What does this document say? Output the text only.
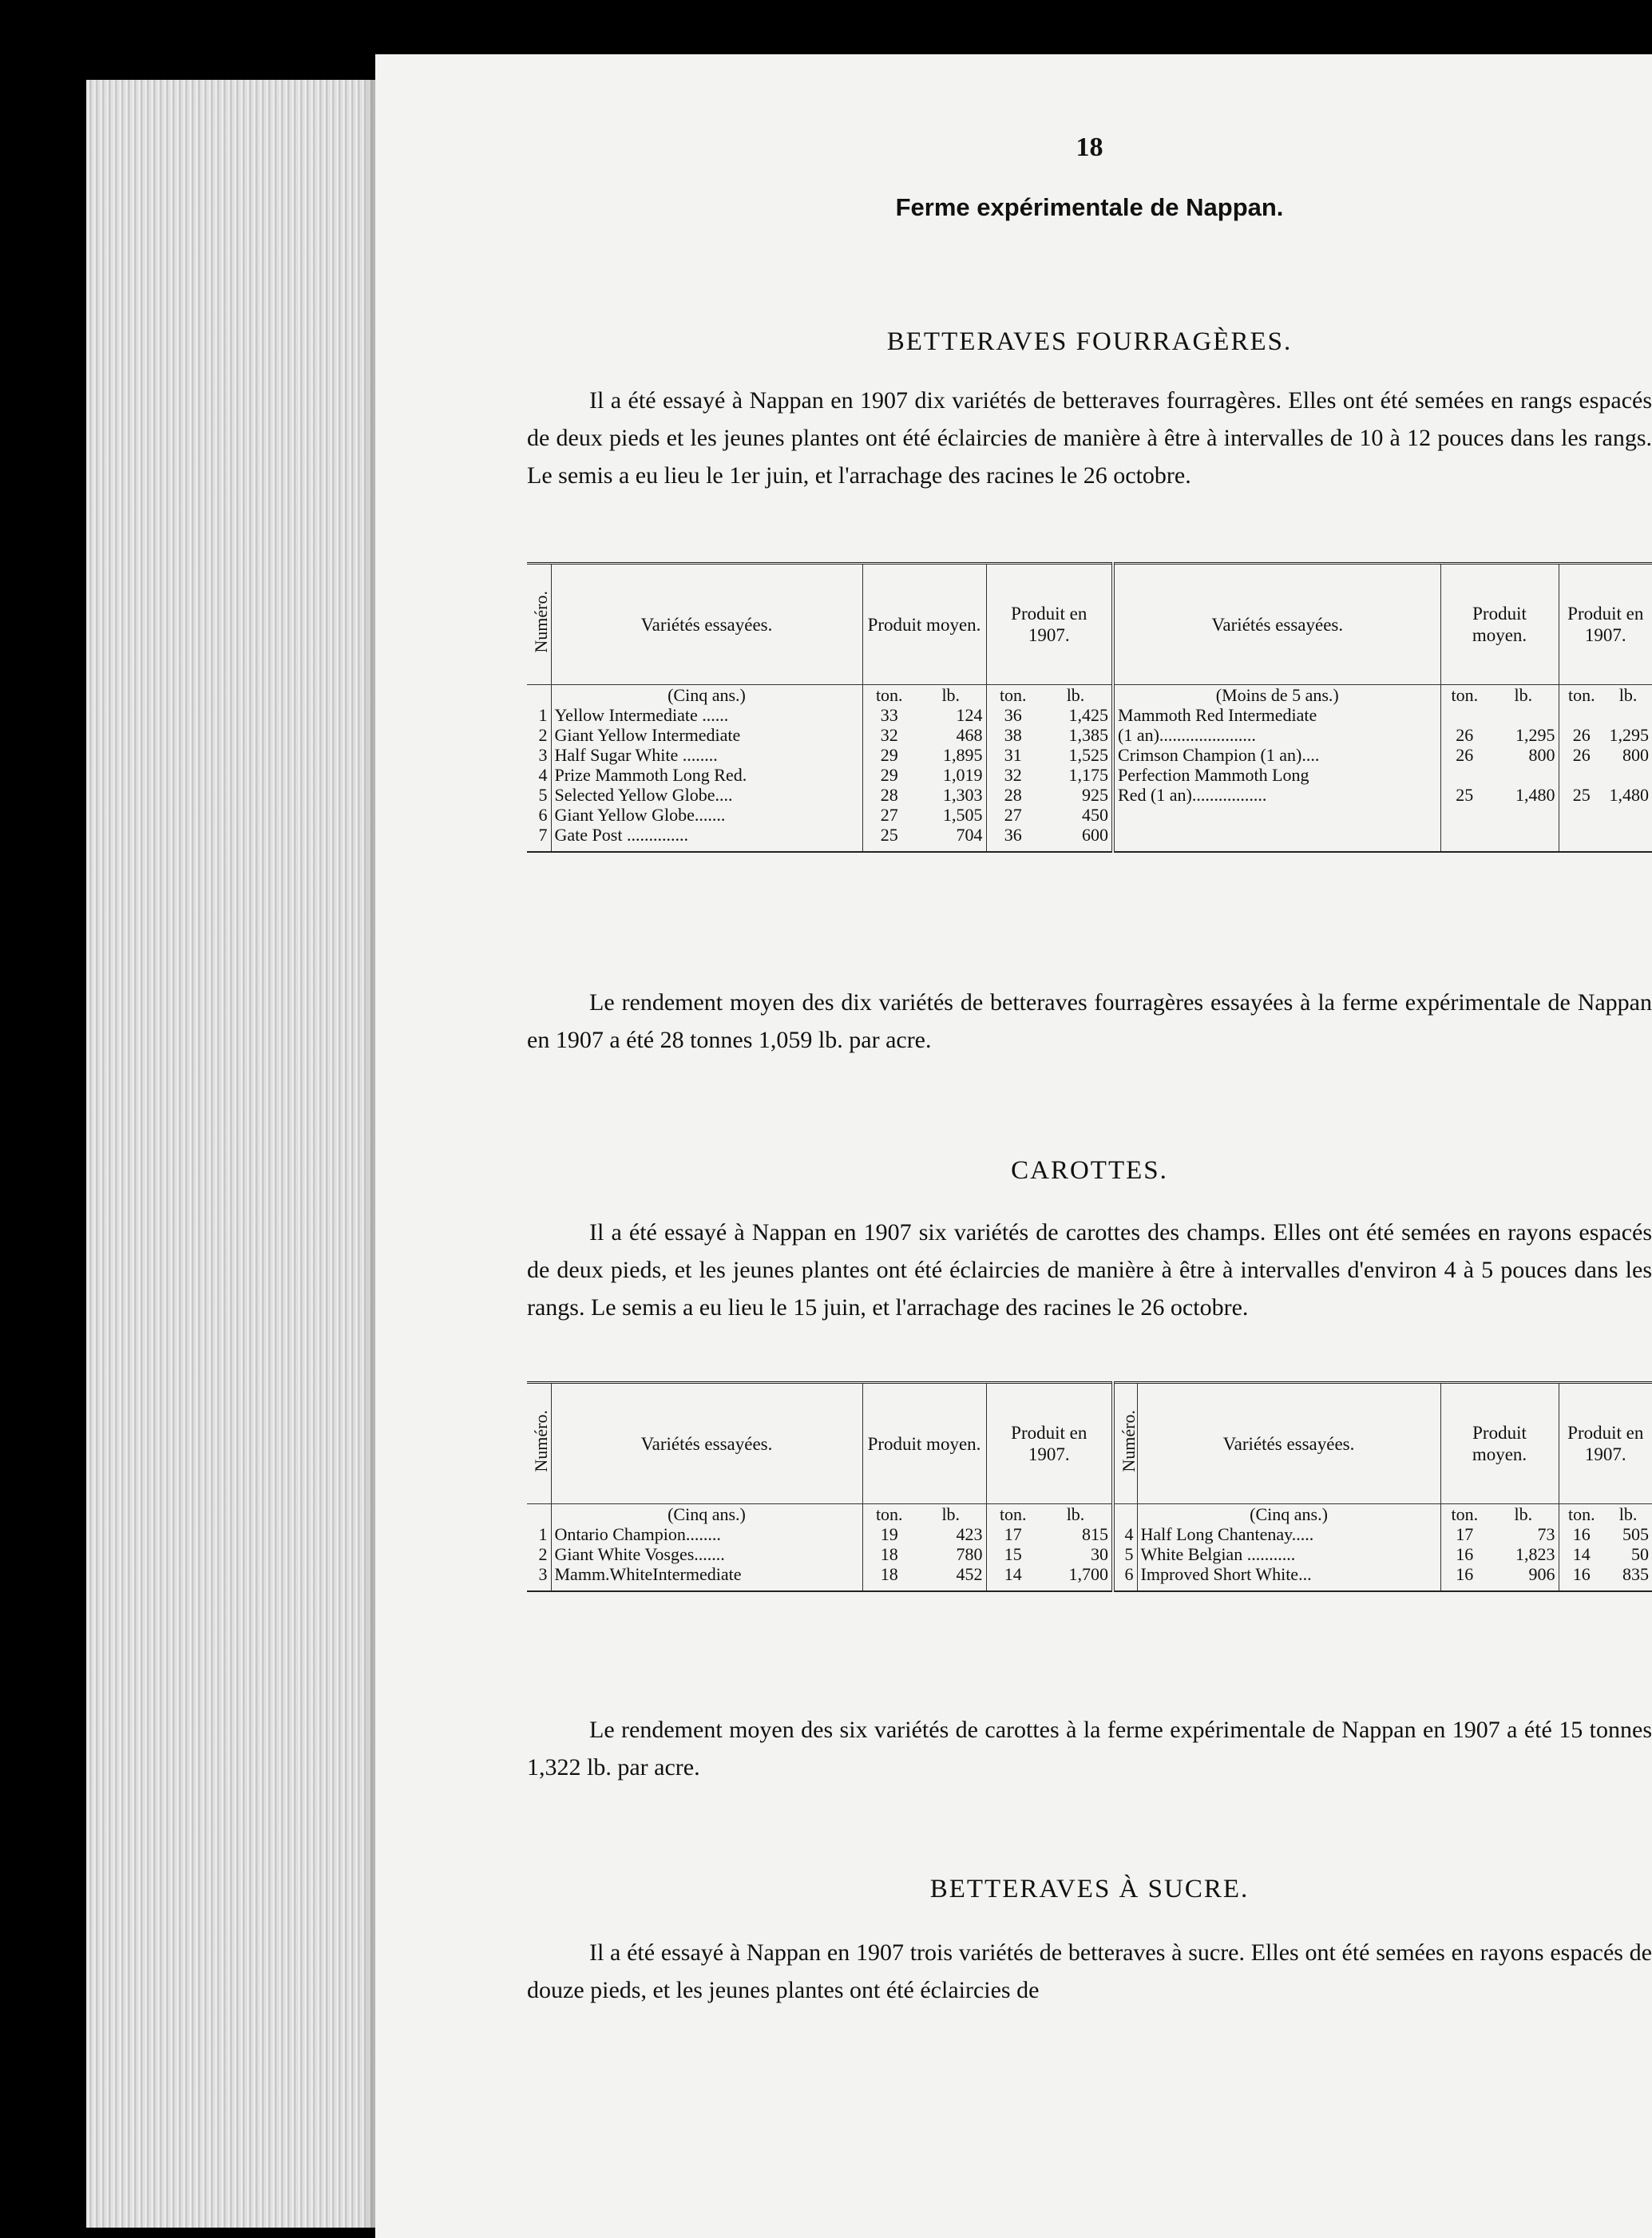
18
Ferme expérimentale de Nappan.
BETTERAVES FOURRAGÈRES.

Il a été essayé à Nappan en 1907 dix variétés de betteraves fourragères. Elles ont été semées en rangs espacés de deux pieds et les jeunes plantes ont été éclaircies de manière à être à intervalles de 10 à 12 pouces dans les rangs. Le semis a eu lieu le 1er juin, et l'arrachage des racines le 26 octobre.

Numéro.	Variétés essayées.	Produit moyen.		Produit en 1907.		Variétés essayées.	Produit moyen.		Produit en 1907.	
	(Cinq ans.)	ton.	lb.	ton.	lb.	(Moins de 5 ans.)	ton.	lb.	ton.	lb.
1	Yellow Intermediate ......	33	124	36	1,425	Mammoth Red Intermediate				
2	Giant Yellow Intermediate	32	468	38	1,385	(1 an)......................	26	1,295	26	1,295
3	Half Sugar White ........	29	1,895	31	1,525	Crimson Champion (1 an)....	26	800	26	800
4	Prize Mammoth Long Red.	29	1,019	32	1,175	Perfection Mammoth Long				
5	Selected Yellow Globe....	28	1,303	28	925	Red (1 an).................	25	1,480	25	1,480
6	Giant Yellow Globe.......	27	1,505	27	450					
7	Gate Post ..............	25	704	36	600					

Le rendement moyen des dix variétés de betteraves fourragères essayées à la ferme expérimentale de Nappan en 1907 a été 28 tonnes 1,059 lb. par acre.

CAROTTES.

Il a été essayé à Nappan en 1907 six variétés de carottes des champs. Elles ont été semées en rayons espacés de deux pieds, et les jeunes plantes ont été éclaircies de manière à être à intervalles d'environ 4 à 5 pouces dans les rangs. Le semis a eu lieu le 15 juin, et l'arrachage des racines le 26 octobre.

Numéro.	Variétés essayées.	Produit moyen.		Produit en 1907.		Numéro.	Variétés essayées.	Produit moyen.		Produit en 1907.	
	(Cinq ans.)	ton.	lb.	ton.	lb.		(Cinq ans.)	ton.	lb.	ton.	lb.
1	Ontario Champion........	19	423	17	815	4	Half Long Chantenay.....	17	73	16	505
2	Giant White Vosges.......	18	780	15	30	5	White Belgian ...........	16	1,823	14	50
3	Mamm.WhiteIntermediate	18	452	14	1,700	6	Improved Short White...	16	906	16	835

Le rendement moyen des six variétés de carottes à la ferme expérimentale de Nappan en 1907 a été 15 tonnes 1,322 lb. par acre.

BETTERAVES À SUCRE.

Il a été essayé à Nappan en 1907 trois variétés de betteraves à sucre. Elles ont été semées en rayons espacés de douze pieds, et les jeunes plantes ont été éclaircies de
